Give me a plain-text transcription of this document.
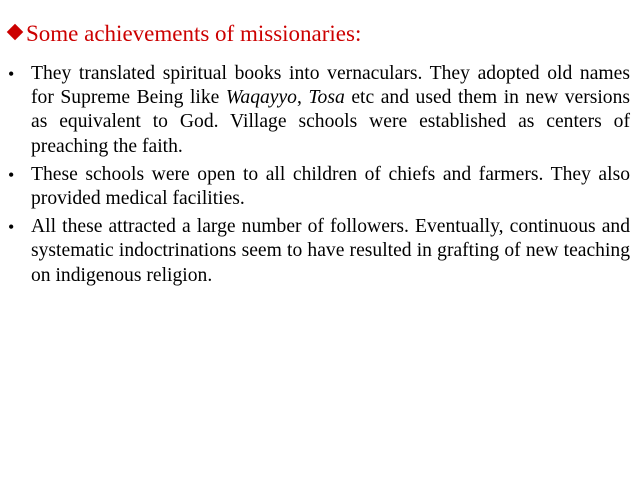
Some achievements of missionaries:
• They translated spiritual books into vernaculars. They adopted old names for Supreme Being like Waqayyo, Tosa etc and used them in new versions as equivalent to God. Village schools were established as centers of preaching the faith.
• These schools were open to all children of chiefs and farmers. They also provided medical facilities.
• All these attracted a large number of followers. Eventually, continuous and systematic indoctrinations seem to have resulted in grafting of new teaching on indigenous religion.
